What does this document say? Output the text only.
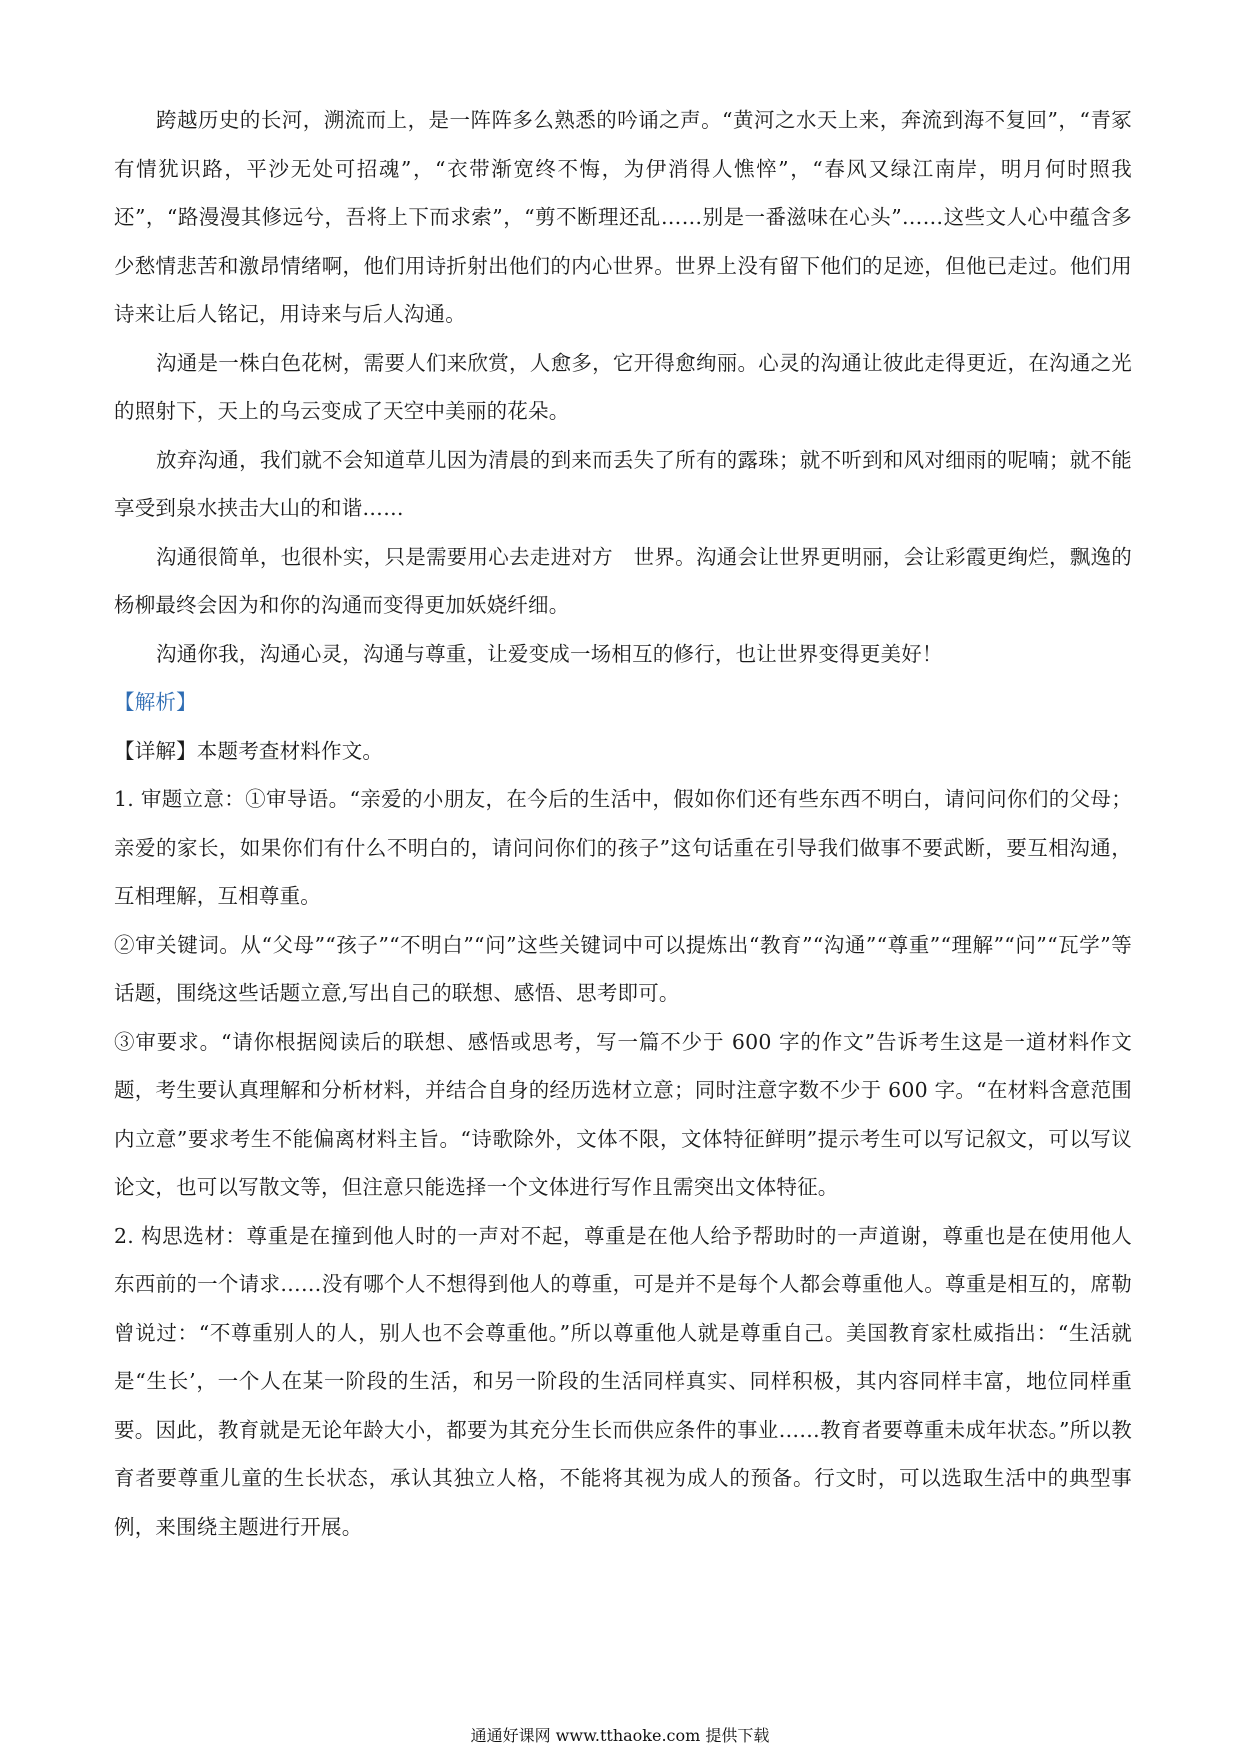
跨越历史的长河，溯流而上，是一阵阵多么熟悉的吟诵之声。“黄河之水天上来，奔流到海不复回”，“青冢有情犹识路，平沙无处可招魂”，“衣带渐宽终不悔，为伊消得人憔悴”，“春风又绿江南岸，明月何时照我还”，“路漫漫其修远兮，吾将上下而求索”，“剪不断理还乱……别是一番滋味在心头”……这些文人心中蕴含多少愁情悲苦和激昂情绪啊，他们用诗折射出他们的内心世界。世界上没有留下他们的足迹，但他已走过。他们用诗来让后人铭记，用诗来与后人沟通。

沟通是一株白色花树，需要人们来欣赏，人愈多，它开得愈绚丽。心灵的沟通让彼此走得更近，在沟通之光的照射下，天上的乌云变成了天空中美丽的花朵。

放弃沟通，我们就不会知道草儿因为清晨的到来而丢失了所有的露珠；就不听到和风对细雨的呢喃；就不能享受到泉水挟击大山的和谐……

沟通很简单，也很朴实，只是需要用心去走进对方　世界。沟通会让世界更明丽，会让彩霞更绚烂，飘逸的杨柳最终会因为和你的沟通而变得更加妖娆纤细。

沟通你我，沟通心灵，沟通与尊重，让爱变成一场相互的修行，也让世界变得更美好！

【解析】

【详解】本题考查材料作文。

1. 审题立意：①审导语。“亲爱的小朋友，在今后的生活中，假如你们还有些东西不明白，请问问你们的父母；亲爱的家长，如果你们有什么不明白的，请问问你们的孩子”这句话重在引导我们做事不要武断，要互相沟通，互相理解，互相尊重。

②审关键词。从“父母”“孩子”“不明白”“问”这些关键词中可以提炼出“教育”“沟通”“尊重”“理解”“问”“瓦学”等话题，围绕这些话题立意,写出自己的联想、感悟、思考即可。

③审要求。“请你根据阅读后的联想、感悟或思考，写一篇不少于 600 字的作文”告诉考生这是一道材料作文题，考生要认真理解和分析材料，并结合自身的经历选材立意；同时注意字数不少于 600 字。“在材料含意范围内立意”要求考生不能偏离材料主旨。“诗歌除外，文体不限，文体特征鲜明”提示考生可以写记叙文，可以写议论文，也可以写散文等，但注意只能选择一个文体进行写作且需突出文体特征。

2. 构思选材：尊重是在撞到他人时的一声对不起，尊重是在他人给予帮助时的一声道谢，尊重也是在使用他人东西前的一个请求……没有哪个人不想得到他人的尊重，可是并不是每个人都会尊重他人。尊重是相互的，席勒曾说过：“不尊重别人的人，别人也不会尊重他。”所以尊重他人就是尊重自己。美国教育家杜威指出：“生活就是“生长’，一个人在某一阶段的生活，和另一阶段的生活同样真实、同样积极，其内容同样丰富，地位同样重要。因此，教育就是无论年龄大小，都要为其充分生长而供应条件的事业……教育者要尊重未成年状态。”所以教育者要尊重儿童的生长状态，承认其独立人格，不能将其视为成人的预备。行文时，可以选取生活中的典型事例，来围绕主题进行开展。

通通好课网 www.tthaoke.com 提供下载
